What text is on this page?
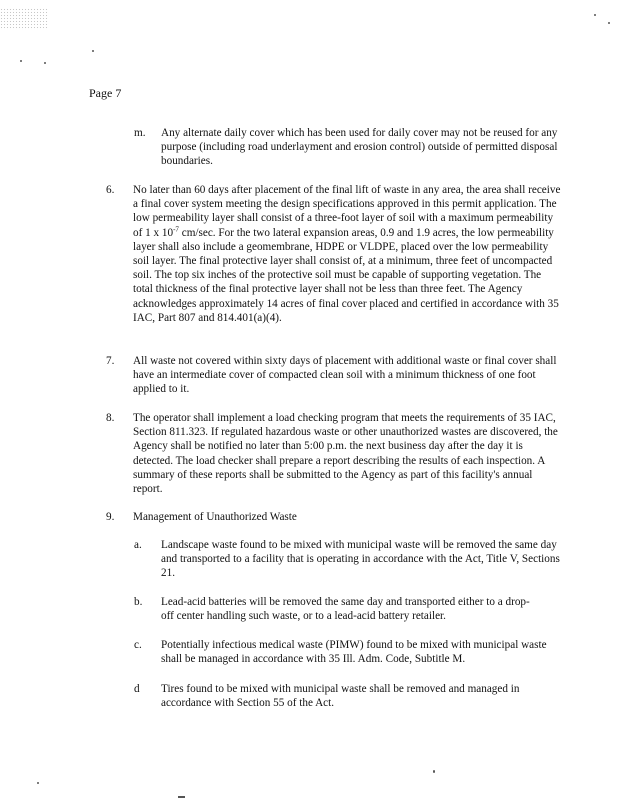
Page 7
m. Any alternate daily cover which has been used for daily cover may not be reused for any purpose (including road underlayment and erosion control) outside of permitted disposal boundaries.
6. No later than 60 days after placement of the final lift of waste in any area, the area shall receive a final cover system meeting the design specifications approved in this permit application. The low permeability layer shall consist of a three-foot layer of soil with a maximum permeability of 1 x $10^{-7}$ cm/sec. For the two lateral expansion areas, 0.9 and 1.9 acres, the low permeability layer shall also include a geomembrane, HDPE or VLDPE, placed over the low permeability soil layer. The final protective layer shall consist of, at a minimum, three feet of uncompacted soil. The top six inches of the protective soil must be capable of supporting vegetation. The total thickness of the final protective layer shall not be less than three feet. The Agency acknowledges approximately 14 acres of final cover placed and certified in accordance with 35 IAC, Part 807 and 814.401(a)(4).
7. All waste not covered within sixty days of placement with additional waste or final cover shall have an intermediate cover of compacted clean soil with a minimum thickness of one foot applied to it.
8. The operator shall implement a load checking program that meets the requirements of 35 IAC, Section 811.323. If regulated hazardous waste or other unauthorized wastes are discovered, the Agency shall be notified no later than 5:00 p.m. the next business day after the day it is detected. The load checker shall prepare a report describing the results of each inspection. A summary of these reports shall be submitted to the Agency as part of this facility's annual report.
9. Management of Unauthorized Waste
a. Landscape waste found to be mixed with municipal waste will be removed the same day and transported to a facility that is operating in accordance with the Act, Title V, Sections 21.
b. Lead-acid batteries will be removed the same day and transported either to a drop-off center handling such waste, or to a lead-acid battery retailer.
c. Potentially infectious medical waste (PIMW) found to be mixed with municipal waste shall be managed in accordance with 35 Ill. Adm. Code, Subtitle M.
d Tires found to be mixed with municipal waste shall be removed and managed in accordance with Section 55 of the Act.
